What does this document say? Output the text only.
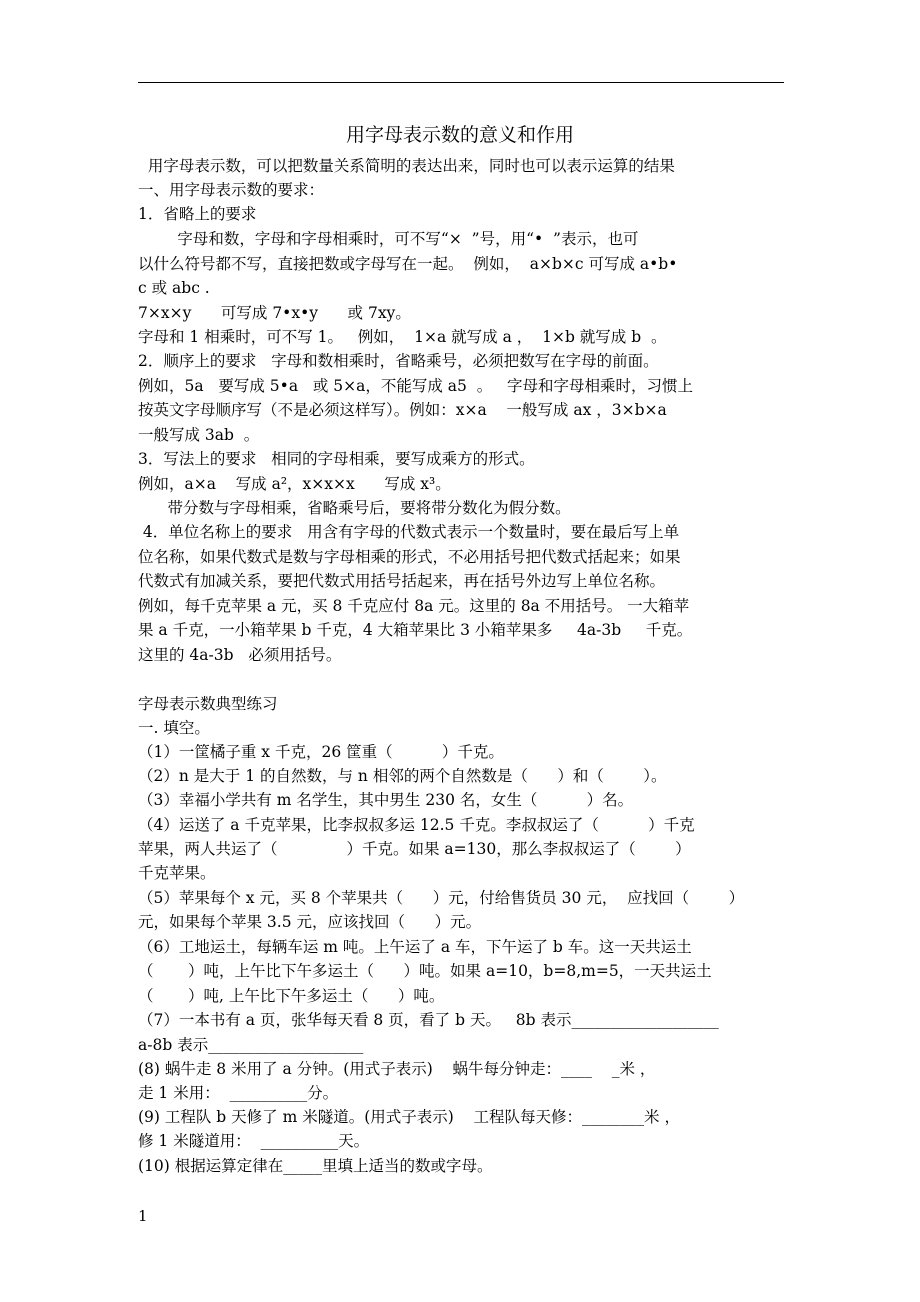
用字母表示数的意义和作用
用字母表示数，可以把数量关系简明的表达出来，同时也可以表示运算的结果
一、用字母表示数的要求：
1．省略上的要求
字母和数，字母和字母相乘时，可不写“×  ”号，用“•  ”表示，也可
以什么符号都不写，直接把数或字母写在一起。  例如，  a×b×c 可写成 a•b•
c 或 abc .
7×x×y      可写成 7•x•y      或 7xy。
字母和 1 相乘时，可不写 1。   例如，  1×a 就写成 a ，  1×b 就写成 b  。
2．顺序上的要求   字母和数相乘时，省略乘号，必须把数写在字母的前面。
例如，5a   要写成 5•a   或 5×a，不能写成 a5  。   字母和字母相乘时，习惯上
按英文字母顺序写（不是必须这样写）。例如：x×a    一般写成 ax ，3×b×a
一般写成 3ab  。
3．写法上的要求   相同的字母相乘，要写成乘方的形式。
例如，a×a    写成 a²，x×x×x      写成 x³。
带分数与字母相乘，省略乘号后，要将带分数化为假分数。
4．单位名称上的要求   用含有字母的代数式表示一个数量时，要在最后写上单
位名称，如果代数式是数与字母相乘的形式，不必用括号把代数式括起来；如果
代数式有加减关系，要把代数式用括号括起来，再在括号外边写上单位名称。
例如，每千克苹果 a 元，买 8 千克应付 8a 元。这里的 8a 不用括号。 一大箱苹
果 a 千克，一小箱苹果 b 千克，4 大箱苹果比 3 小箱苹果多     4a-3b     千克。
这里的 4a-3b   必须用括号。
字母表示数典型练习
一. 填空。
（1）一筐橘子重 x 千克，26 筐重（          ）千克。
（2）n 是大于 1 的自然数，与 n 相邻的两个自然数是（      ）和（        ）。
（3）幸福小学共有 m 名学生，其中男生 230 名，女生（          ）名。
（4）运送了 a 千克苹果，比李叔叔多运 12.5 千克。李叔叔运了（          ）千克
苹果，两人共运了（              ）千克。如果 a=130，那么李叔叔运了（        ）
千克苹果。
（5）苹果每个 x 元，买 8 个苹果共（      ）元，付给售货员 30 元，  应找回（        ）
元，如果每个苹果 3.5 元，应该找回（      ）元。
（6）工地运土，每辆车运 m 吨。上午运了 a 车，下午运了 b 车。这一天共运土
（       ）吨，上午比下午多运土（      ）吨。如果 a=10，b=8,m=5，一天共运土
（       ）吨, 上午比下午多运土（      ）吨。
（7）一本书有 a 页，张华每天看 8 页，看了 b 天。   8b 表示___________________
a-8b 表示____________________
(8) 蜗牛走 8 米用了 a 分钟。(用式子表示)    蜗牛每分钟走：____    _米 ，
走 1 米用：  __________分。
(9) 工程队 b 天修了 m 米隧道。(用式子表示)    工程队每天修：________米 ，
修 1 米隧道用：  __________天。
(10) 根据运算定律在_____里填上适当的数或字母。
1
